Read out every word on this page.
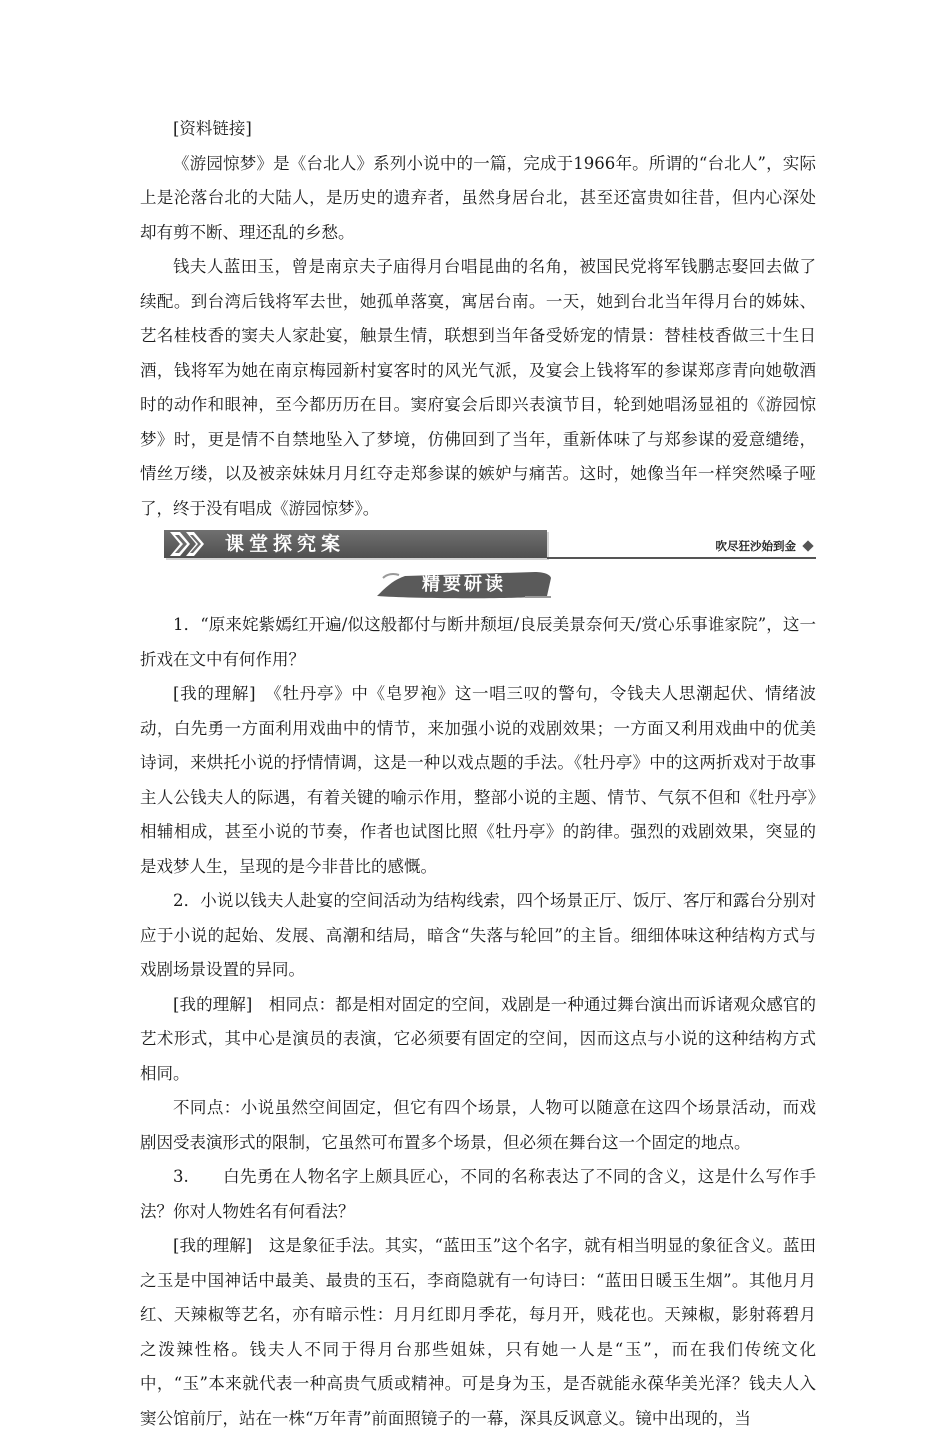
[资料链接]

《游园惊梦》是《台北人》系列小说中的一篇，完成于1966年。所谓的“台北人”，实际上是沦落台北的大陆人，是历史的遗弃者，虽然身居台北，甚至还富贵如往昔，但内心深处却有剪不断、理还乱的乡愁。

钱夫人蓝田玉，曾是南京夫子庙得月台唱昆曲的名角，被国民党将军钱鹏志娶回去做了续配。到台湾后钱将军去世，她孤单落寞，寓居台南。一天，她到台北当年得月台的姊妹、艺名桂枝香的窦夫人家赴宴，触景生情，联想到当年备受娇宠的情景：替桂枝香做三十生日酒，钱将军为她在南京梅园新村宴客时的风光气派，及宴会上钱将军的参谋郑彦青向她敬酒时的动作和眼神，至今都历历在目。窦府宴会后即兴表演节目，轮到她唱汤显祖的《游园惊梦》时，更是情不自禁地坠入了梦境，仿佛回到了当年，重新体味了与郑参谋的爱意缱绻，情丝万缕，以及被亲妹妹月月红夺走郑参谋的嫉妒与痛苦。这时，她像当年一样突然嗓子哑了，终于没有唱成《游园惊梦》。

课堂探究案	吹尽狂沙始到金
精要研读

1．“原来姹紫嫣红开遍/似这般都付与断井颓垣/良辰美景奈何天/赏心乐事谁家院”，这一折戏在文中有何作用？

[我的理解]　《牡丹亭》中《皂罗袍》这一唱三叹的警句，令钱夫人思潮起伏、情绪波动，白先勇一方面利用戏曲中的情节，来加强小说的戏剧效果；一方面又利用戏曲中的优美诗词，来烘托小说的抒情情调，这是一种以戏点题的手法。《牡丹亭》中的这两折戏对于故事主人公钱夫人的际遇，有着关键的喻示作用，整部小说的主题、情节、气氛不但和《牡丹亭》相辅相成，甚至小说的节奏，作者也试图比照《牡丹亭》的韵律。强烈的戏剧效果，突显的是戏梦人生，呈现的是今非昔比的感慨。

2．小说以钱夫人赴宴的空间活动为结构线索，四个场景正厅、饭厅、客厅和露台分别对应于小说的起始、发展、高潮和结局，暗含“失落与轮回”的主旨。细细体味这种结构方式与戏剧场景设置的异同。

[我的理解]　相同点：都是相对固定的空间，戏剧是一种通过舞台演出而诉诸观众感官的艺术形式，其中心是演员的表演，它必须要有固定的空间，因而这点与小说的这种结构方式相同。

不同点：小说虽然空间固定，但它有四个场景，人物可以随意在这四个场景活动，而戏剧因受表演形式的限制，它虽然可布置多个场景，但必须在舞台这一个固定的地点。

3.　　白先勇在人物名字上颇具匠心，不同的名称表达了不同的含义，这是什么写作手法？你对人物姓名有何看法？

[我的理解]　这是象征手法。其实，“蓝田玉”这个名字，就有相当明显的象征含义。蓝田之玉是中国神话中最美、最贵的玉石，李商隐就有一句诗曰：“蓝田日暖玉生烟”。其他月月红、天辣椒等艺名，亦有暗示性：月月红即月季花，每月开，贱花也。天辣椒，影射蒋碧月之泼辣性格。钱夫人不同于得月台那些姐妹，只有她一人是“玉”，而在我们传统文化中，“玉”本来就代表一种高贵气质或精神。可是身为玉，是否就能永葆华美光泽？钱夫人入窦公馆前厅，站在一株“万年青”前面照镜子的一幕，深具反讽意义。镜中出现的，当
